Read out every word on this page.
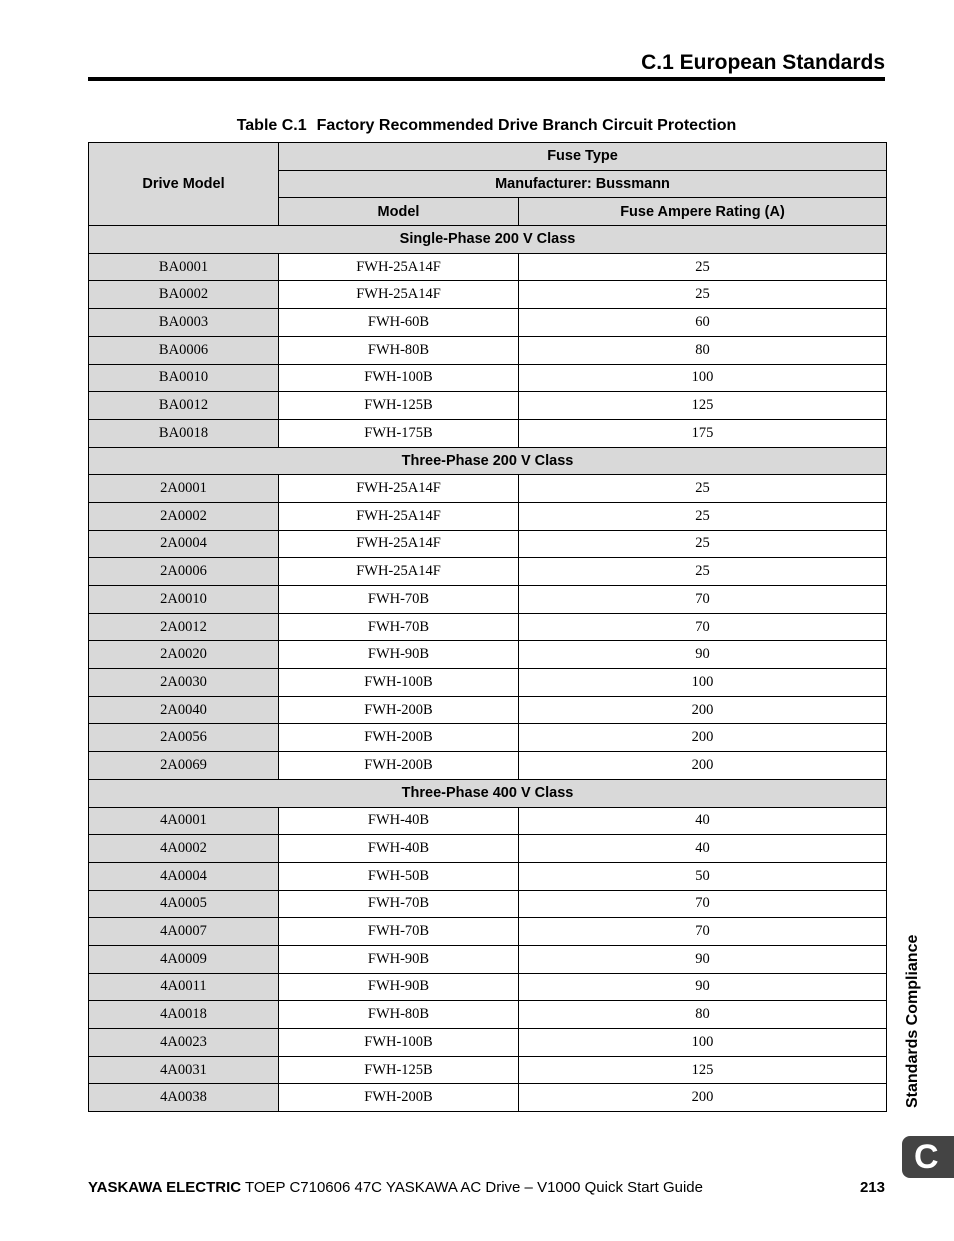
C.1 European Standards
Table C.1 Factory Recommended Drive Branch Circuit Protection
Drive Model	Fuse Type	
	Manufacturer: Bussmann	
	Model	Fuse Ampere Rating (A)
Single-Phase 200 V Class		
BA0001	FWH-25A14F	25
BA0002	FWH-25A14F	25
BA0003	FWH-60B	60
BA0006	FWH-80B	80
BA0010	FWH-100B	100
BA0012	FWH-125B	125
BA0018	FWH-175B	175
Three-Phase 200 V Class		
2A0001	FWH-25A14F	25
2A0002	FWH-25A14F	25
2A0004	FWH-25A14F	25
2A0006	FWH-25A14F	25
2A0010	FWH-70B	70
2A0012	FWH-70B	70
2A0020	FWH-90B	90
2A0030	FWH-100B	100
2A0040	FWH-200B	200
2A0056	FWH-200B	200
2A0069	FWH-200B	200
Three-Phase 400 V Class		
4A0001	FWH-40B	40
4A0002	FWH-40B	40
4A0004	FWH-50B	50
4A0005	FWH-70B	70
4A0007	FWH-70B	70
4A0009	FWH-90B	90
4A0011	FWH-90B	90
4A0018	FWH-80B	80
4A0023	FWH-100B	100
4A0031	FWH-125B	125
4A0038	FWH-200B	200	Standards Compliance
C
YASKAWA ELECTRIC TOEP C710606 47C YASKAWA AC Drive – V1000 Quick Start Guide	213
